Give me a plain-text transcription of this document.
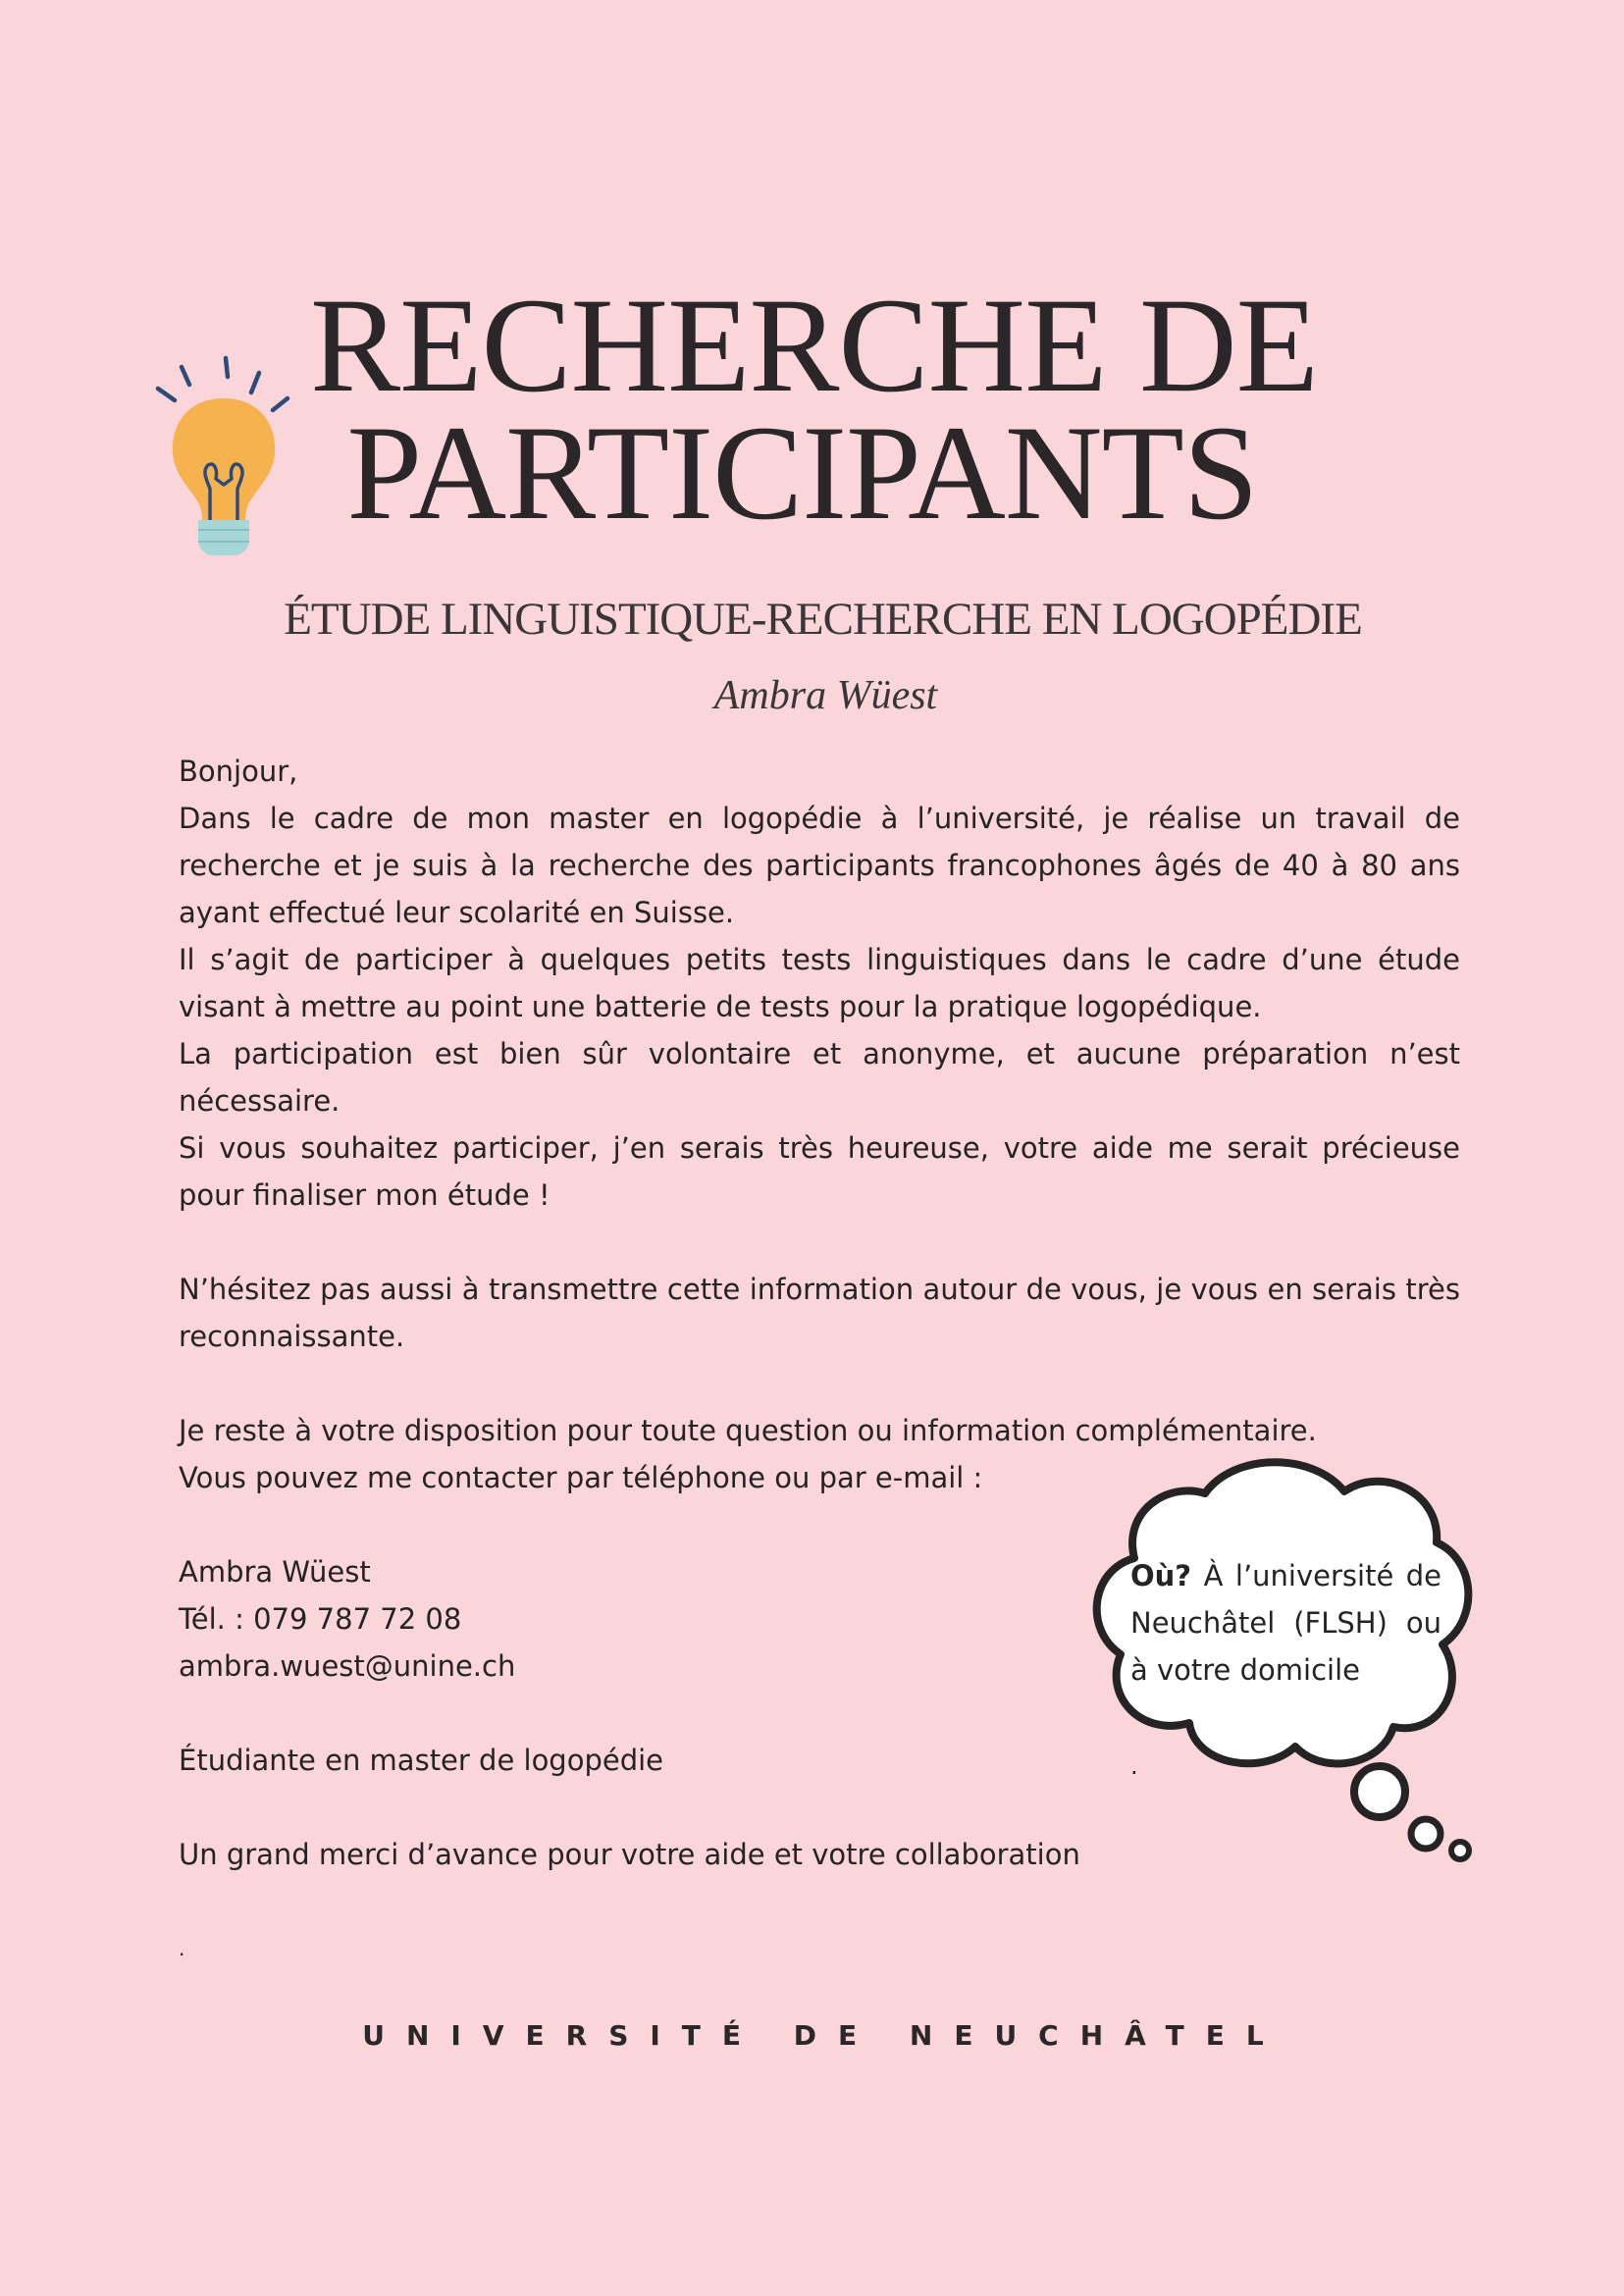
RECHERCHE DE
PARTICIPANTS
ÉTUDE LINGUISTIQUE-RECHERCHE EN LOGOPÉDIE
Ambra Wüest

Bonjour,

Dans le cadre de mon master en logopédie à l’université, je réalise un travail de recherche et je suis à la recherche des participants francophones âgés de 40 à 80 ans ayant effectué leur scolarité en Suisse.

Il s’agit de participer à quelques petits tests linguistiques dans le cadre d’une étude visant à mettre au point une batterie de tests pour la pratique logopédique.

La participation est bien sûr volontaire et anonyme, et aucune préparation n’est nécessaire.

Si vous souhaitez participer, j’en serais très heureuse, votre aide me serait précieuse pour finaliser mon étude !

N’hésitez pas aussi à transmettre cette information autour de vous, je vous en serais très reconnaissante.

Je reste à votre disposition pour toute question ou information complémentaire.

Vous pouvez me contacter par téléphone ou par e-mail :

Ambra Wüest

Tél. : 079 787 72 08

ambra.wuest@unine.ch

Étudiante en master de logopédie

Un grand merci d’avance pour votre aide et votre collaboration

.

Où? À l’université de Neuchâtel (FLSH) ou à votre domicile
.
UNIVERSITÉ DE NEUCHÂTEL
